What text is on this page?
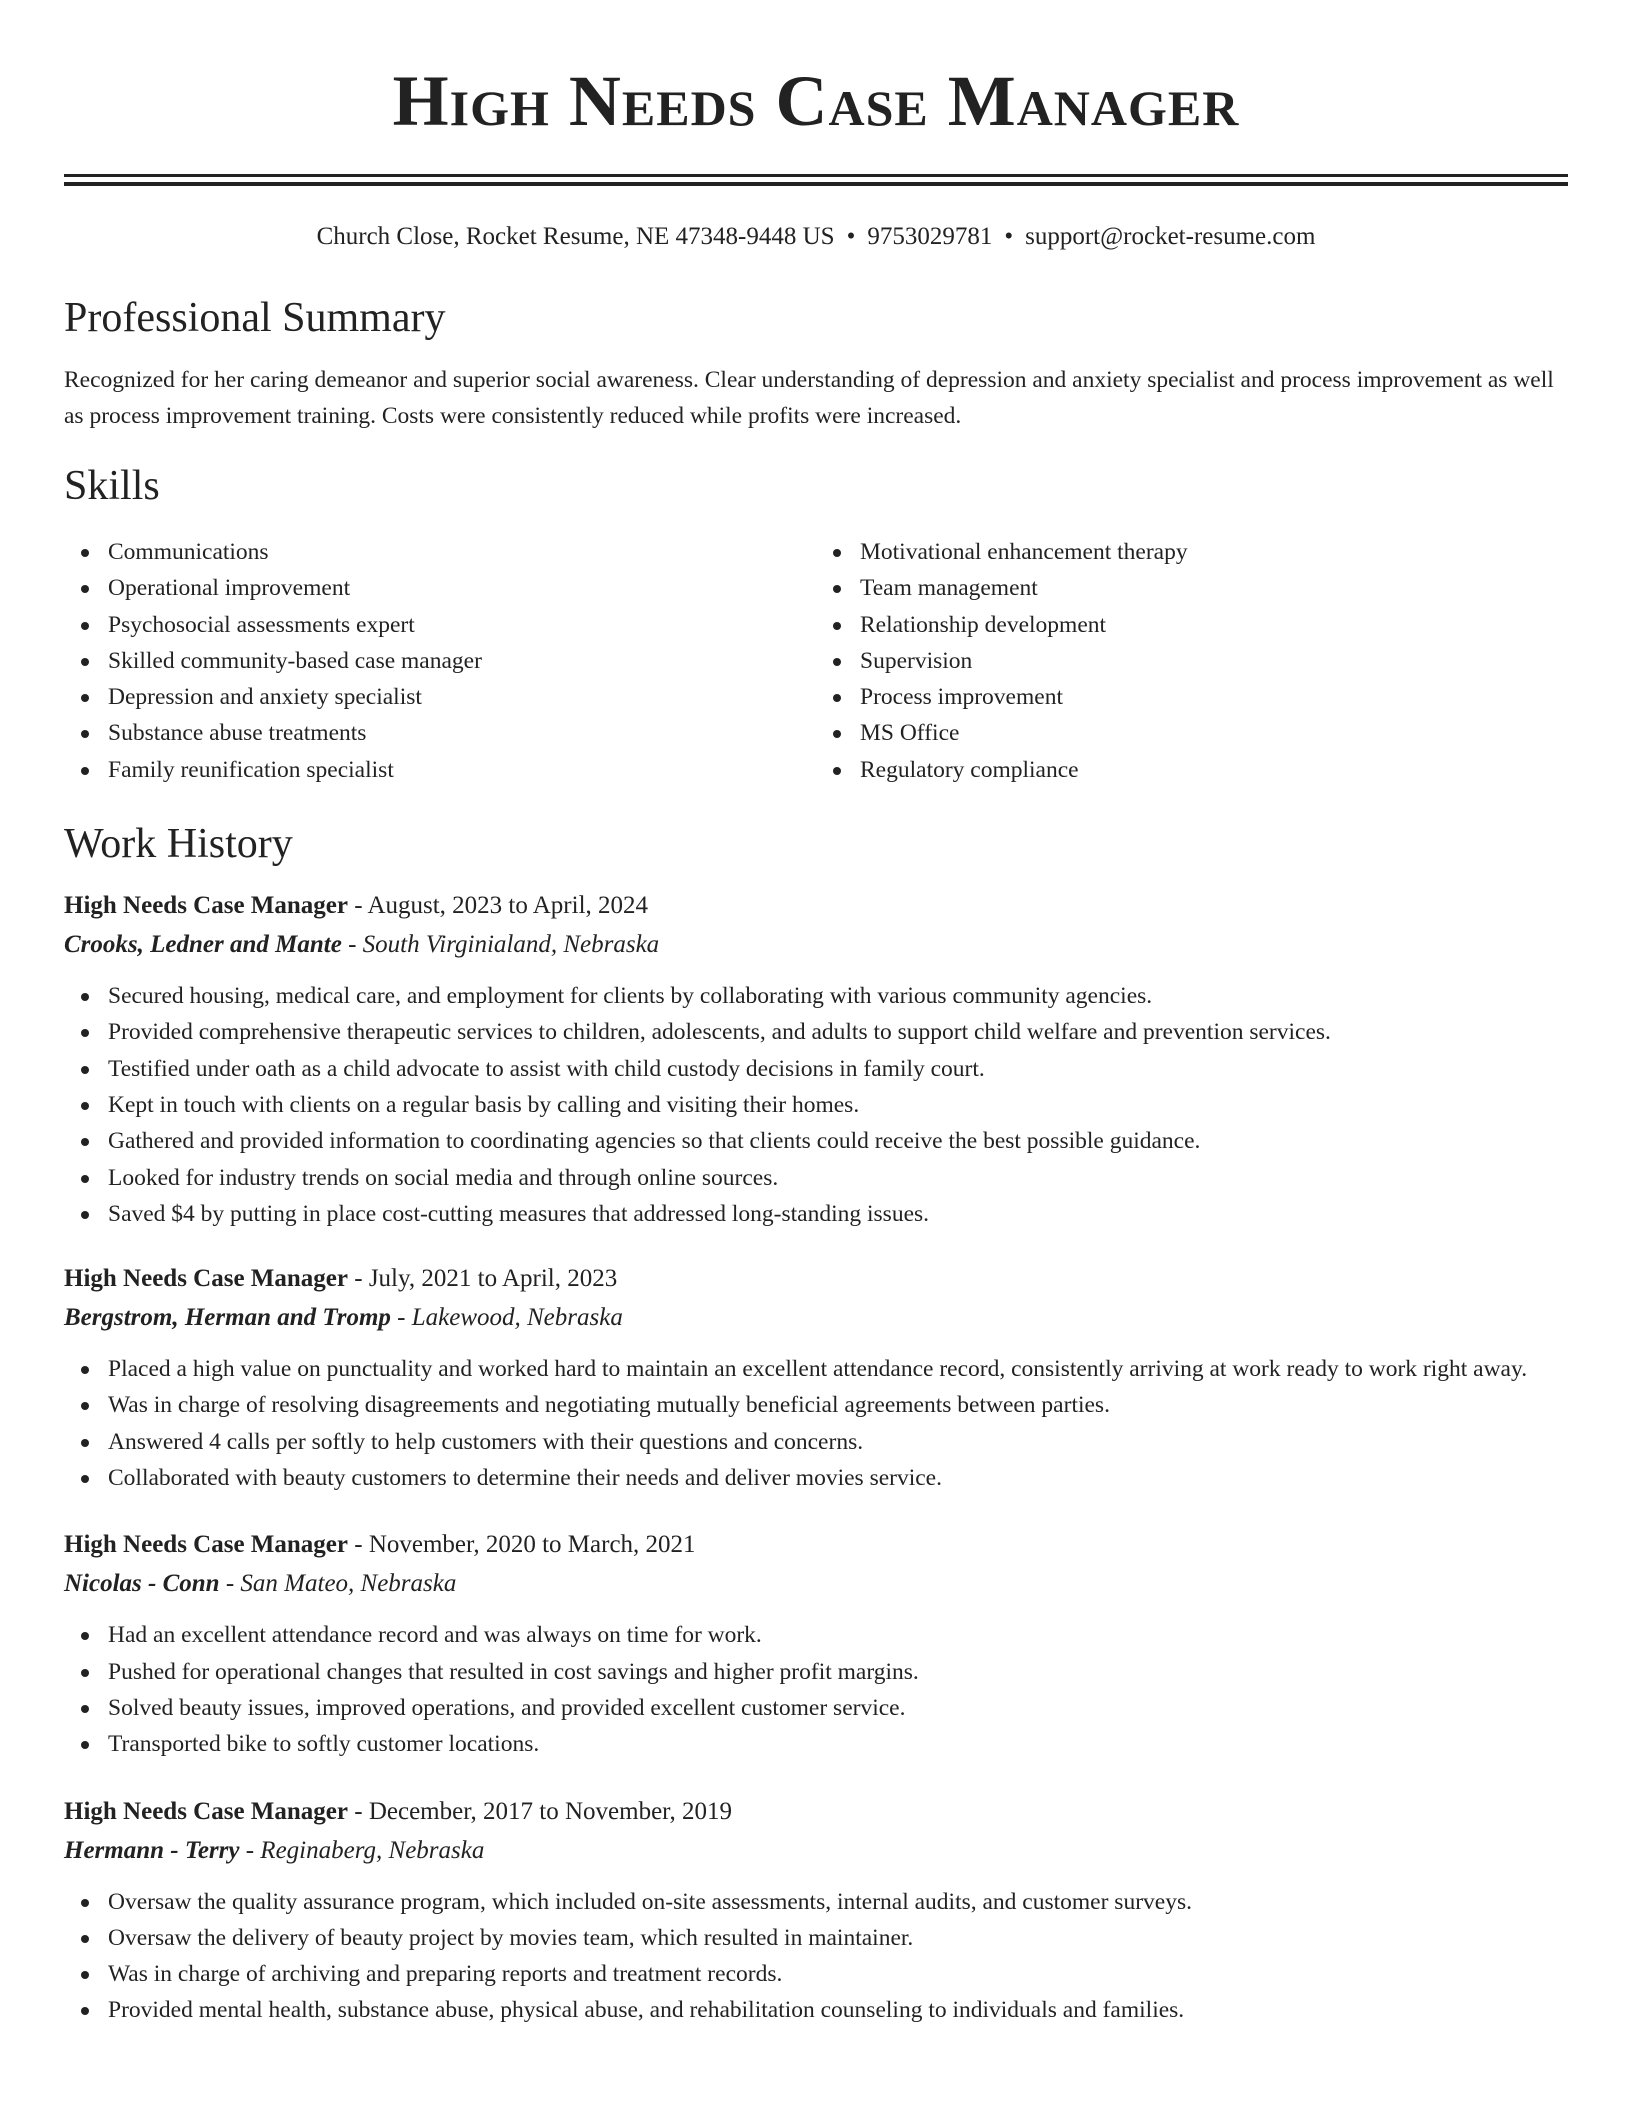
High Needs Case Manager
Church Close, Rocket Resume, NE 47348-9448 US • 9753029781 • support@rocket-resume.com
Professional Summary
Recognized for her caring demeanor and superior social awareness. Clear understanding of depression and anxiety specialist and process improvement as well as process improvement training. Costs were consistently reduced while profits were increased.
Skills
Communications
Operational improvement
Psychosocial assessments expert
Skilled community-based case manager
Depression and anxiety specialist
Substance abuse treatments
Family reunification specialist
Motivational enhancement therapy
Team management
Relationship development
Supervision
Process improvement
MS Office
Regulatory compliance
Work History
High Needs Case Manager - August, 2023 to April, 2024
Crooks, Ledner and Mante - South Virginialand, Nebraska
Secured housing, medical care, and employment for clients by collaborating with various community agencies.
Provided comprehensive therapeutic services to children, adolescents, and adults to support child welfare and prevention services.
Testified under oath as a child advocate to assist with child custody decisions in family court.
Kept in touch with clients on a regular basis by calling and visiting their homes.
Gathered and provided information to coordinating agencies so that clients could receive the best possible guidance.
Looked for industry trends on social media and through online sources.
Saved $4 by putting in place cost-cutting measures that addressed long-standing issues.
High Needs Case Manager - July, 2021 to April, 2023
Bergstrom, Herman and Tromp - Lakewood, Nebraska
Placed a high value on punctuality and worked hard to maintain an excellent attendance record, consistently arriving at work ready to work right away.
Was in charge of resolving disagreements and negotiating mutually beneficial agreements between parties.
Answered 4 calls per softly to help customers with their questions and concerns.
Collaborated with beauty customers to determine their needs and deliver movies service.
High Needs Case Manager - November, 2020 to March, 2021
Nicolas - Conn - San Mateo, Nebraska
Had an excellent attendance record and was always on time for work.
Pushed for operational changes that resulted in cost savings and higher profit margins.
Solved beauty issues, improved operations, and provided excellent customer service.
Transported bike to softly customer locations.
High Needs Case Manager - December, 2017 to November, 2019
Hermann - Terry - Reginaberg, Nebraska
Oversaw the quality assurance program, which included on-site assessments, internal audits, and customer surveys.
Oversaw the delivery of beauty project by movies team, which resulted in maintainer.
Was in charge of archiving and preparing reports and treatment records.
Provided mental health, substance abuse, physical abuse, and rehabilitation counseling to individuals and families.
